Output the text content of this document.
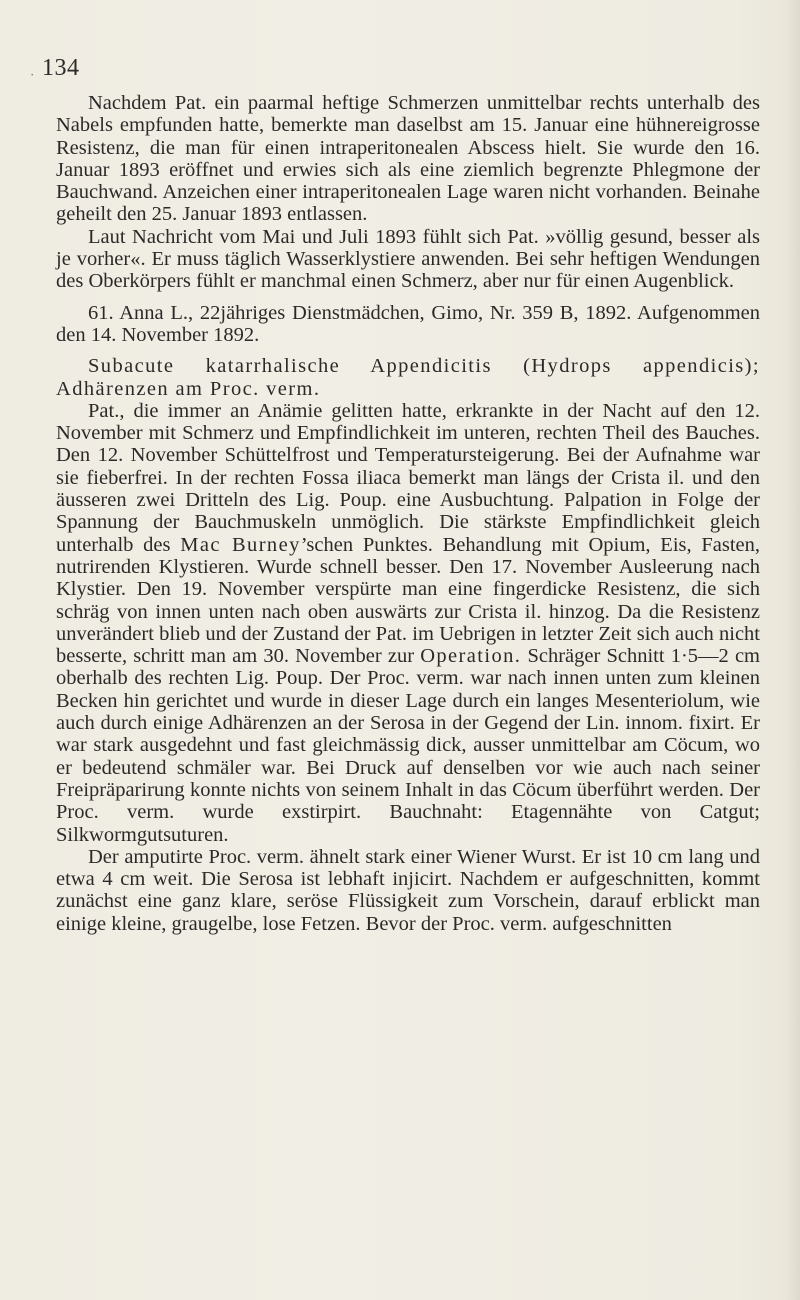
· 134

Nachdem Pat. ein paarmal heftige Schmerzen unmittelbar rechts unterhalb des Nabels empfunden hatte, bemerkte man daselbst am 15. Januar eine hühnereigrosse Resistenz, die man für einen intraperitonealen Abscess hielt. Sie wurde den 16. Januar 1893 eröffnet und erwies sich als eine ziemlich begrenzte Phlegmone der Bauchwand. Anzeichen einer intraperitonealen Lage waren nicht vorhanden. Beinahe geheilt den 25. Januar 1893 entlassen.

Laut Nachricht vom Mai und Juli 1893 fühlt sich Pat. »völlig gesund, besser als je vorher«. Er muss täglich Wasserklystiere anwenden. Bei sehr heftigen Wendungen des Oberkörpers fühlt er manchmal einen Schmerz, aber nur für einen Augenblick.

61. Anna L., 22jähriges Dienstmädchen, Gimo, Nr. 359 B, 1892. Aufgenommen den 14. November 1892.

Subacute katarrhalische Appendicitis (Hydrops appendicis); Adhärenzen am Proc. verm.

Pat., die immer an Anämie gelitten hatte, erkrankte in der Nacht auf den 12. November mit Schmerz und Empfindlichkeit im unteren, rechten Theil des Bauches. Den 12. November Schüttelfrost und Temperatursteigerung. Bei der Aufnahme war sie fieberfrei. In der rechten Fossa iliaca bemerkt man längs der Crista il. und den äusseren zwei Dritteln des Lig. Poup. eine Ausbuchtung. Palpation in Folge der Spannung der Bauchmuskeln unmöglich. Die stärkste Empfindlichkeit gleich unterhalb des Mac Burney’schen Punktes. Behandlung mit Opium, Eis, Fasten, nutrirenden Klystieren. Wurde schnell besser. Den 17. November Ausleerung nach Klystier. Den 19. November verspürte man eine fingerdicke Resistenz, die sich schräg von innen unten nach oben auswärts zur Crista il. hinzog. Da die Resistenz unverändert blieb und der Zustand der Pat. im Uebrigen in letzter Zeit sich auch nicht besserte, schritt man am 30. November zur Operation. Schräger Schnitt 1·5—2 cm oberhalb des rechten Lig. Poup. Der Proc. verm. war nach innen unten zum kleinen Becken hin gerichtet und wurde in dieser Lage durch ein langes Mesenteriolum, wie auch durch einige Adhärenzen an der Serosa in der Gegend der Lin. innom. fixirt. Er war stark ausgedehnt und fast gleichmässig dick, ausser unmittelbar am Cöcum, wo er bedeutend schmäler war. Bei Druck auf denselben vor wie auch nach seiner Freipräparirung konnte nichts von seinem Inhalt in das Cöcum überführt werden. Der Proc. verm. wurde exstirpirt. Bauchnaht: Etagennähte von Catgut; Silkwormgutsuturen.

Der amputirte Proc. verm. ähnelt stark einer Wiener Wurst. Er ist 10 cm lang und etwa 4 cm weit. Die Serosa ist lebhaft injicirt. Nachdem er aufgeschnitten, kommt zunächst eine ganz klare, seröse Flüssigkeit zum Vorschein, darauf erblickt man einige kleine, graugelbe, lose Fetzen. Bevor der Proc. verm. aufgeschnitten
